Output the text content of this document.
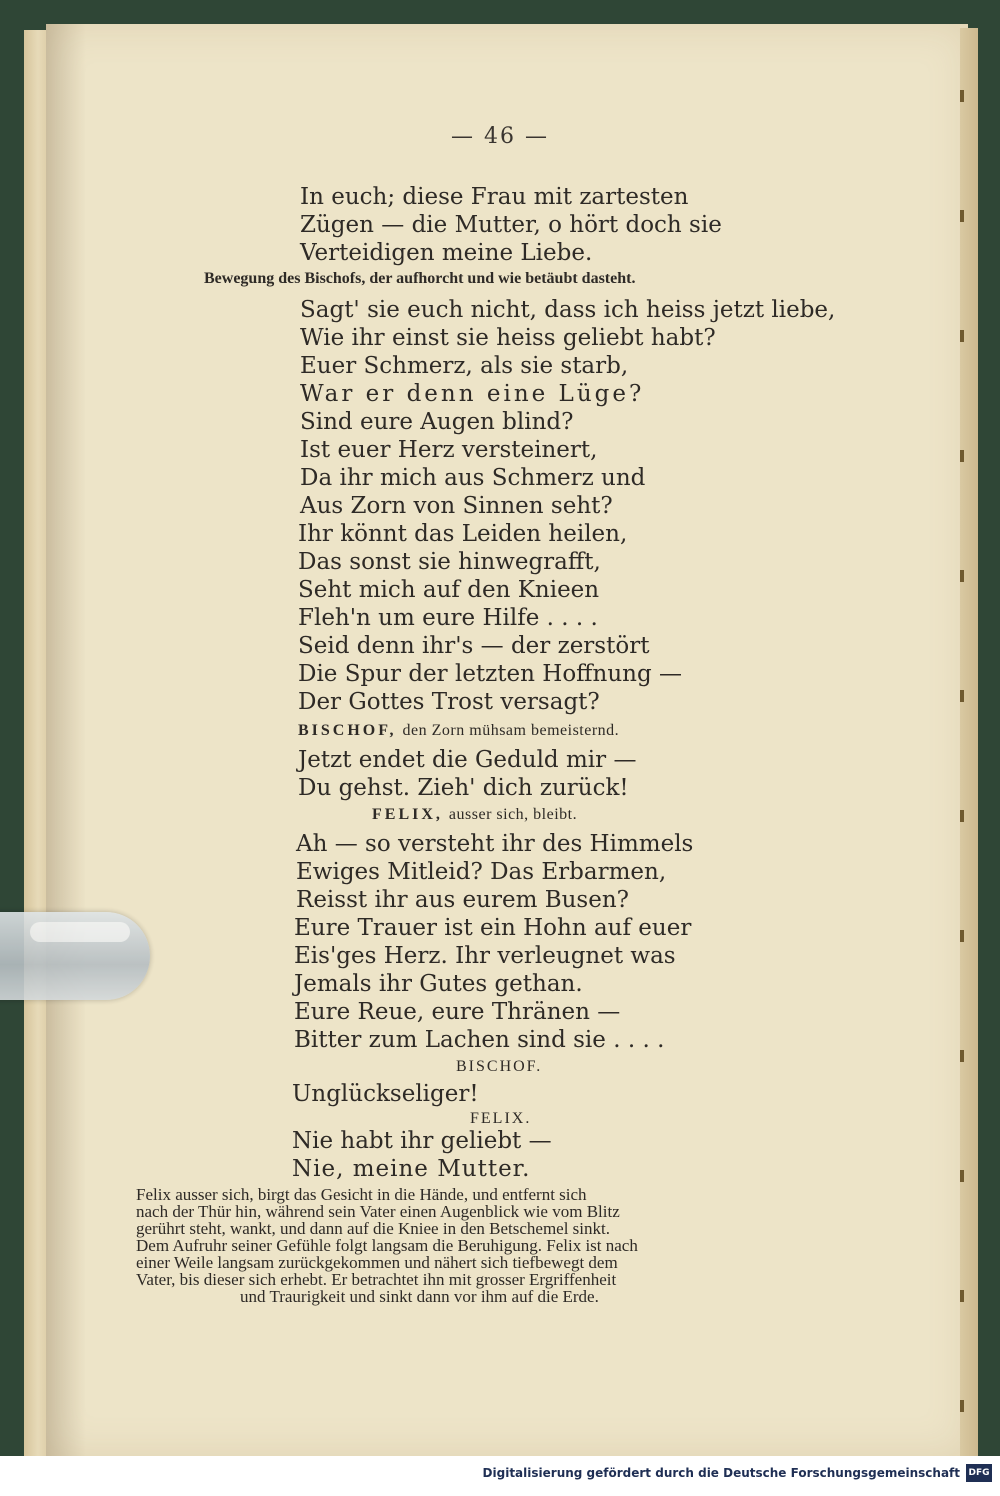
— 46 —
In euch; diese Frau mit zartesten
Zügen — die Mutter, o hört doch sie
Verteidigen meine Liebe.
Bewegung des Bischofs, der aufhorcht und wie betäubt dasteht.
Sagt' sie euch nicht, dass ich heiss jetzt liebe,
Wie ihr einst sie heiss geliebt habt?
Euer Schmerz, als sie starb,
War er denn eine Lüge?
Sind eure Augen blind?
Ist euer Herz versteinert,
Da ihr mich aus Schmerz und
Aus Zorn von Sinnen seht?
Ihr könnt das Leiden heilen,
Das sonst sie hinwegrafft,
Seht mich auf den Knieen
Fleh'n um eure Hilfe . . . .
Seid denn ihr's — der zerstört
Die Spur der letzten Hoffnung —
Der Gottes Trost versagt?
BISCHOF, den Zorn mühsam bemeisternd.
Jetzt endet die Geduld mir —
Du gehst. Zieh' dich zurück!
FELIX, ausser sich, bleibt.
Ah — so versteht ihr des Himmels
Ewiges Mitleid? Das Erbarmen,
Reisst ihr aus eurem Busen?
Eure Trauer ist ein Hohn auf euer
Eis'ges Herz. Ihr verleugnet was
Jemals ihr Gutes gethan.
Eure Reue, eure Thränen —
Bitter zum Lachen sind sie . . . .
BISCHOF.
Unglückseliger!
FELIX.
Nie habt ihr geliebt —
Nie, meine Mutter.
Felix ausser sich, birgt das Gesicht in die Hände, und entfernt sich
nach der Thür hin, während sein Vater einen Augenblick wie vom Blitz
gerührt steht, wankt, und dann auf die Kniee in den Betschemel sinkt.
Dem Aufruhr seiner Gefühle folgt langsam die Beruhigung. Felix ist nach
einer Weile langsam zurückgekommen und nähert sich tiefbewegt dem
Vater, bis dieser sich erhebt. Er betrachtet ihn mit grosser Ergriffenheit
und Traurigkeit und sinkt dann vor ihm auf die Erde.
Digitalisierung gefördert durch die Deutsche Forschungsgemeinschaft DFG
